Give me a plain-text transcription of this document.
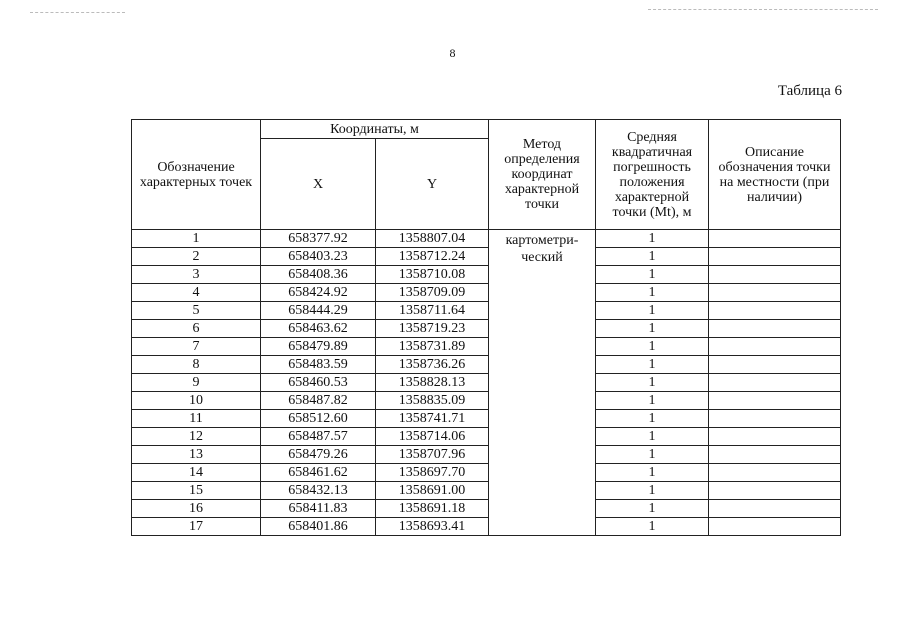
8
Таблица 6
Обозначение характерных точек	Координаты, м		Метод определения координат характерной точки	Средняя квадратичная погрешность положения характерной точки (Mt), м	Описание обозначения точки на местности (при наличии)
	X	Y			
1	658377.92	1358807.04	картометри-ческий	1	
2	658403.23	1358712.24		1	
3	658408.36	1358710.08		1	
4	658424.92	1358709.09		1	
5	658444.29	1358711.64		1	
6	658463.62	1358719.23		1	
7	658479.89	1358731.89		1	
8	658483.59	1358736.26		1	
9	658460.53	1358828.13		1	
10	658487.82	1358835.09		1	
11	658512.60	1358741.71		1	
12	658487.57	1358714.06		1	
13	658479.26	1358707.96		1	
14	658461.62	1358697.70		1	
15	658432.13	1358691.00		1	
16	658411.83	1358691.18		1	
17	658401.86	1358693.41		1	
